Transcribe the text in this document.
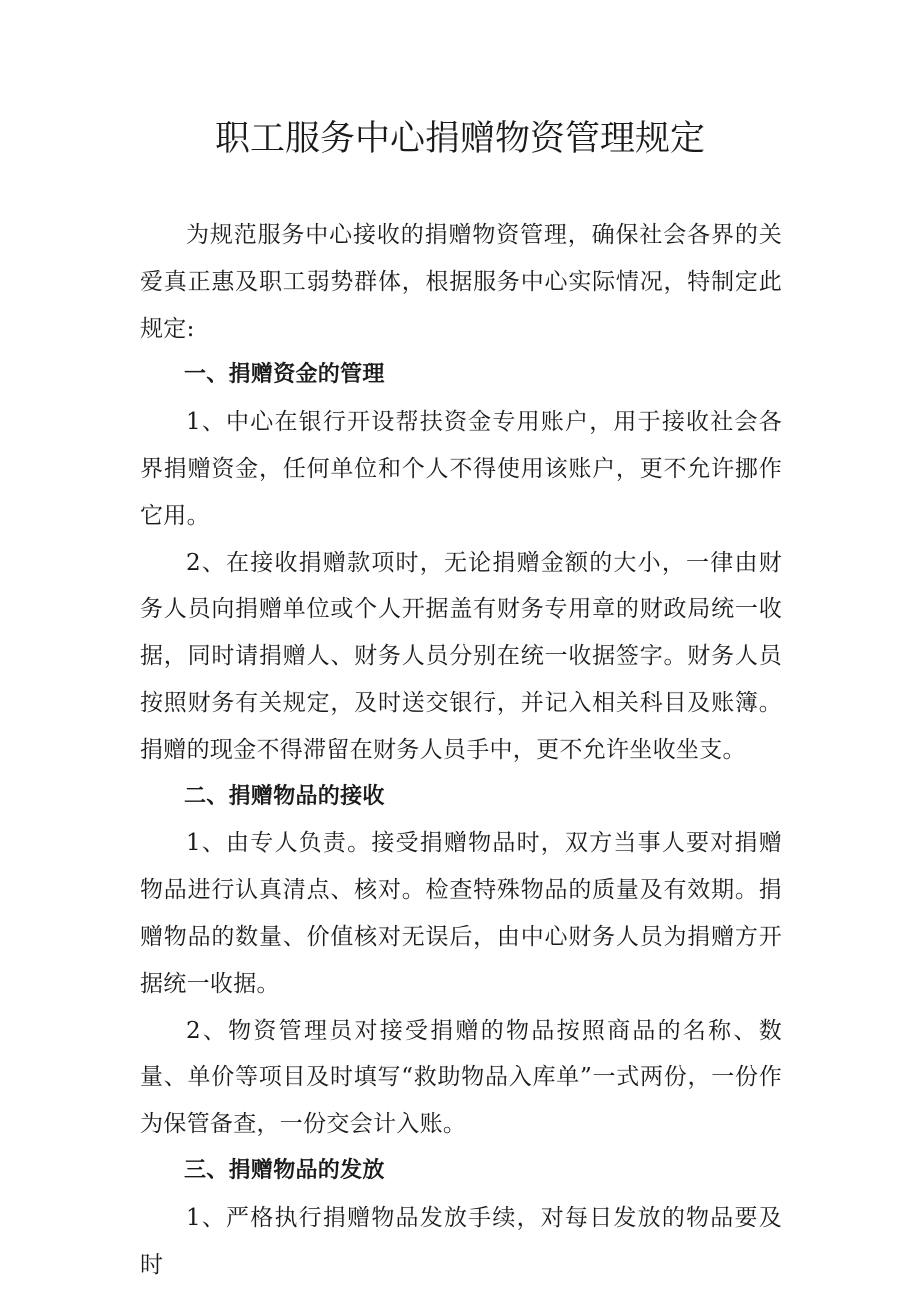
职工服务中心捐赠物资管理规定

为规范服务中心接收的捐赠物资管理，确保社会各界的关爱真正惠及职工弱势群体，根据服务中心实际情况，特制定此规定:

一、捐赠资金的管理

1、中心在银行开设帮扶资金专用账户，用于接收社会各界捐赠资金，任何单位和个人不得使用该账户，更不允许挪作它用。

2、在接收捐赠款项时，无论捐赠金额的大小，一律由财务人员向捐赠单位或个人开据盖有财务专用章的财政局统一收据，同时请捐赠人、财务人员分别在统一收据签字。财务人员按照财务有关规定，及时送交银行，并记入相关科目及账簿。捐赠的现金不得滞留在财务人员手中，更不允许坐收坐支。

二、捐赠物品的接收

1、由专人负责。接受捐赠物品时，双方当事人要对捐赠物品进行认真清点、核对。检查特殊物品的质量及有效期。捐赠物品的数量、价值核对无误后，由中心财务人员为捐赠方开据统一收据。

2、物资管理员对接受捐赠的物品按照商品的名称、数量、单价等项目及时填写“救助物品入库单”一式两份，一份作为保管备查，一份交会计入账。

三、捐赠物品的发放

1、严格执行捐赠物品发放手续，对每日发放的物品要及时
